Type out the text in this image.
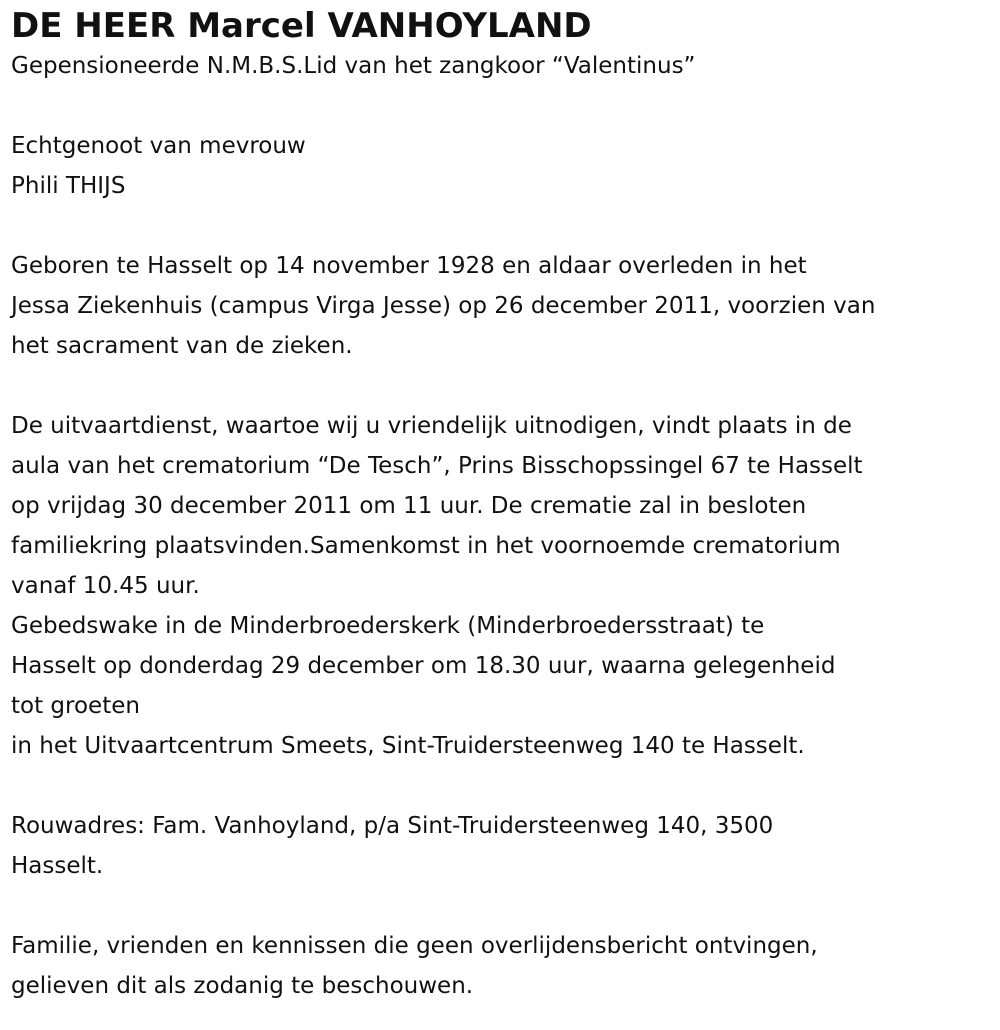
DE HEER Marcel VANHOYLAND

Gepensioneerde N.M.B.S.Lid van het zangkoor “Valentinus”

Echtgenoot van mevrouw

Phili THIJS

Geboren te Hasselt op 14 november 1928 en aldaar overleden in het

Jessa Ziekenhuis (campus Virga Jesse) op 26 december 2011, voorzien van

het sacrament van de zieken.

De uitvaartdienst, waartoe wij u vriendelijk uitnodigen, vindt plaats in de

aula van het crematorium “De Tesch”, Prins Bisschopssingel 67 te Hasselt

op vrijdag 30 december 2011 om 11 uur. De crematie zal in besloten

familiekring plaatsvinden.Samenkomst in het voornoemde crematorium

vanaf 10.45 uur.

Gebedswake in de Minderbroederskerk (Minderbroedersstraat) te

Hasselt op donderdag 29 december om 18.30 uur, waarna gelegenheid

tot groeten

in het Uitvaartcentrum Smeets, Sint-Truidersteenweg 140 te Hasselt.

Rouwadres: Fam. Vanhoyland, p/a Sint-Truidersteenweg 140, 3500

Hasselt.

Familie, vrienden en kennissen die geen overlijdensbericht ontvingen,

gelieven dit als zodanig te beschouwen.
